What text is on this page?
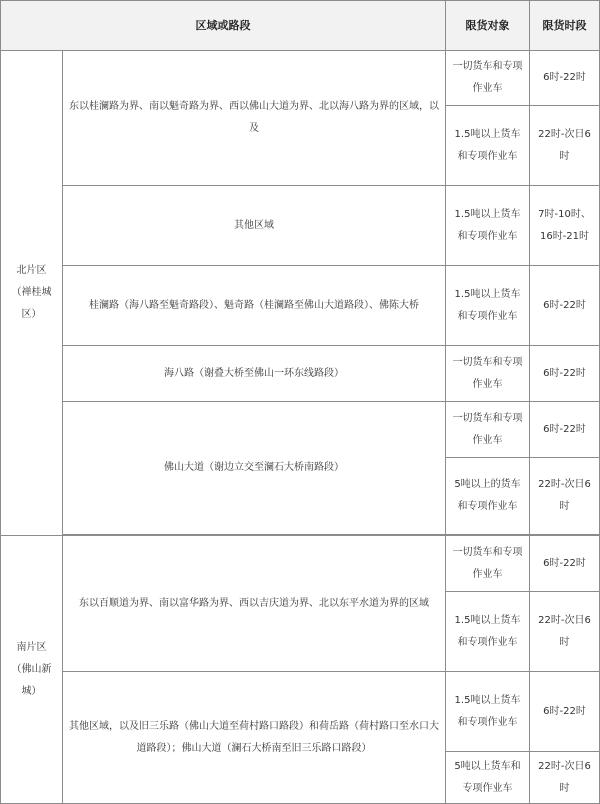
区域或路段		限货对象	限货时段
北片区（禅桂城区）	东以桂澜路为界、南以魁奇路为界、西以佛山大道为界、北以海八路为界的区域，以及	一切货车和专项作业车	6时-22时
		1.5吨以上货车和专项作业车	22时-次日6时
	其他区域	1.5吨以上货车和专项作业车	7时-10时、16时-21时
	桂澜路（海八路至魁奇路段）、魁奇路（桂澜路至佛山大道路段）、佛陈大桥	1.5吨以上货车和专项作业车	6时-22时
	海八路（谢叠大桥至佛山一环东线路段）	一切货车和专项作业车	6时-22时
	佛山大道（谢边立交至澜石大桥南路段）	一切货车和专项作业车	6时-22时
		5吨以上的货车和专项作业车	22时-次日6时

南片区（佛山新城）	东以百顺道为界、南以富华路为界、西以吉庆道为界、北以东平水道为界的区域	一切货车和专项作业车	6时-22时
		1.5吨以上货车和专项作业车	22时-次日6时
	其他区域，以及旧三乐路（佛山大道至荷村路口路段）和荷岳路（荷村路口至水口大道路段）；佛山大道（澜石大桥南至旧三乐路口路段）	1.5吨以上货车和专项作业车	6时-22时
		5吨以上货车和专项作业车	22时-次日6时
